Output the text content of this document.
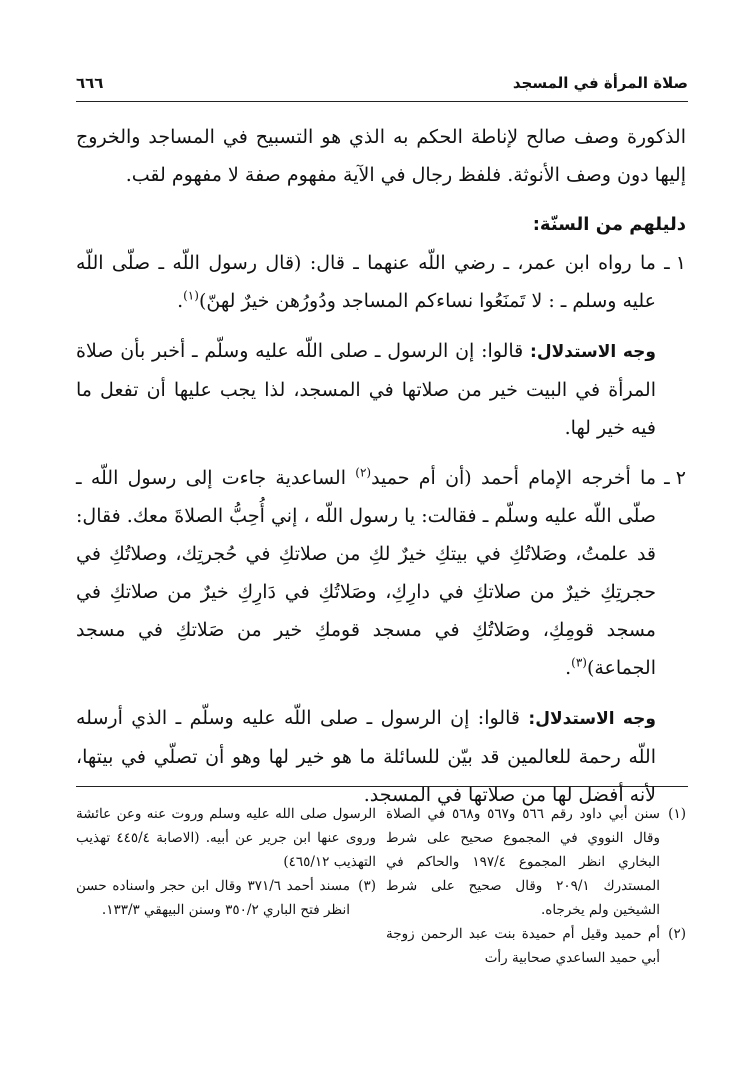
صلاة المرأة في المسجد
٦٦٦

الذكورة وصف صالح لإناطة الحكم به الذي هو التسبيح في المساجد والخروج إليها دون وصف الأنوثة. فلفظ رجال في الآية مفهوم صفة لا مفهوم لقب.

دليلهم من السنّة:

١ ـ

ما رواه ابن عمر، ـ رضي اللّه عنهما ـ قال: (قال رسول اللّه ـ صلّى اللّه عليه وسلم ـ : لا تَمنَعُوا نساءكم المساجد ودُورُهن خيرٌ لهنّ)$^{(١)}$.

وجه الاستدلال: قالوا: إن الرسول ـ صلى اللّه عليه وسلّم ـ أخبر بأن صلاة المرأة في البيت خير من صلاتها في المسجد، لذا يجب عليها أن تفعل ما فيه خير لها.

٢ ـ

ما أخرجه الإمام أحمد (أن أم حميد$^{(٢)}$ الساعدية جاءت إلى رسول اللّه ـ صلّى اللّه عليه وسلّم ـ فقالت: يا رسول اللّه ، إني أُحِبُّ الصلاةَ معك. فقال: قد علمتُ، وصَلاتُكِ في بيتكِ خيرٌ لكِ من صلاتكِ في حُجرتِك، وصلاتُكِ في حجرتِكِ خيرٌ من صلاتكِ في دارِكِ، وصَلاتُكِ في دَارِكِ خيرٌ من صلاتكِ في مسجد قومِكِ، وصَلاتُكِ في مسجد قومكِ خير من صَلاتكِ في مسجد الجماعة)$^{(٣)}$.

وجه الاستدلال: قالوا: إن الرسول ـ صلى اللّه عليه وسلّم ـ الذي أرسله اللّه رحمة للعالمين قد بيّن للسائلة ما هو خير لها وهو أن تصلّي في بيتها، لأنه أفضل لها من صلاتها في المسجد.

(١)
سنن أبي داود رقم ٥٦٦ و٥٦٧ و٥٦٨ في الصلاة وقال النووي في المجموع صحيح على شرط البخاري انظر المجموع ١٩٧/٤ والحاكم في المستدرك ٢٠٩/١ وقال صحيح على شرط الشيخين ولم يخرجاه.

(٢)
أم حميد وقيل أم حميدة بنت عبد الرحمن زوجة أبي حميد الساعدي صحابية رأت

الرسول صلى الله عليه وسلم وروت عنه وعن عائشة وروى عنها ابن جرير عن أبيه. (الاصابة ٤٤٥/٤ تهذيب التهذيب ٤٦٥/١٢)

(٣)
مسند أحمد ٣٧١/٦ وقال ابن حجر واسناده حسن انظر فتح الباري ٣٥٠/٢ وسنن البيهقي ١٣٣/٣.
